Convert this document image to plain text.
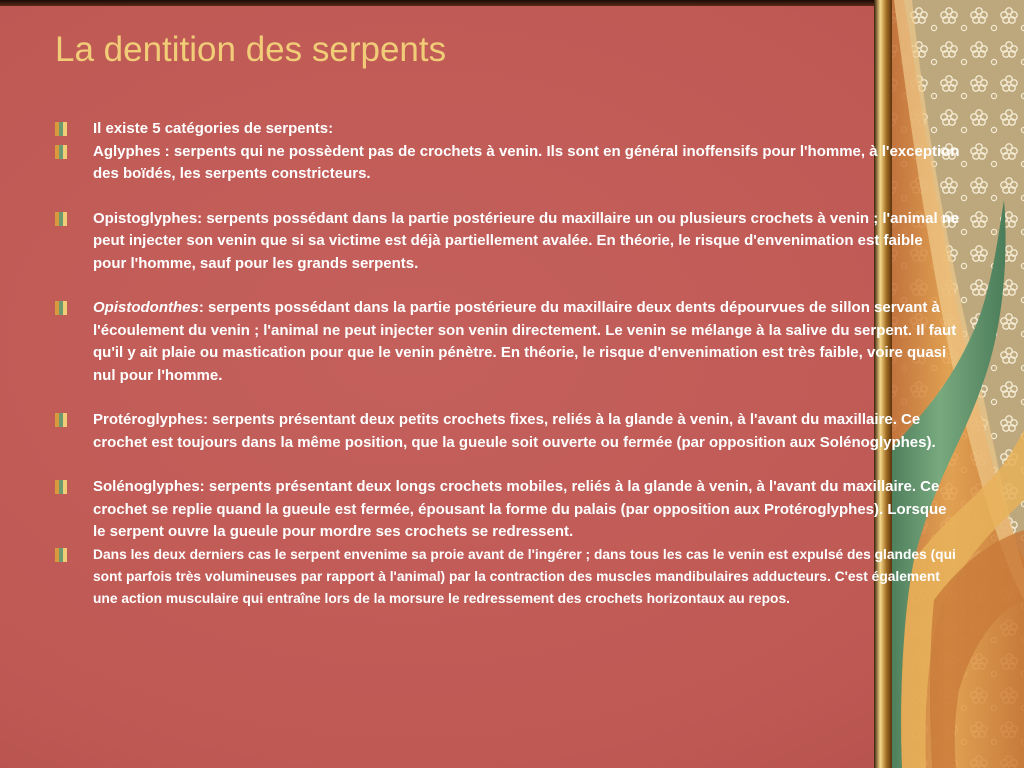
La dentition des serpents
Il existe 5 catégories de serpents:
Aglyphes : serpents qui ne possèdent pas de crochets à venin. Ils sont en général inoffensifs pour l'homme, à l'exception des boïdés, les serpents constricteurs.
Opistoglyphes: serpents possédant dans la partie postérieure du maxillaire un ou plusieurs crochets à venin ; l'animal ne peut injecter son venin que si sa victime est déjà partiellement avalée. En théorie, le risque d'envenimation est faible pour l'homme, sauf pour les grands serpents.
Opistodonthes: serpents possédant dans la partie postérieure du maxillaire deux dents dépourvues de sillon servant à l'écoulement du venin ; l'animal ne peut injecter son venin directement. Le venin se mélange à la salive du serpent. Il faut qu'il y ait plaie ou mastication pour que le venin pénètre. En théorie, le risque d'envenimation est très faible, voire quasi nul pour l'homme.
Protéroglyphes: serpents présentant deux petits crochets fixes, reliés à la glande à venin, à l'avant du maxillaire. Ce crochet est toujours dans la même position, que la gueule soit ouverte ou fermée (par opposition aux Solénoglyphes).
Solénoglyphes: serpents présentant deux longs crochets mobiles, reliés à la glande à venin, à l'avant du maxillaire. Ce crochet se replie quand la gueule est fermée, épousant la forme du palais (par opposition aux Protéroglyphes). Lorsque le serpent ouvre la gueule pour mordre ses crochets se redressent.
Dans les deux derniers cas le serpent envenime sa proie avant de l'ingérer ; dans tous les cas le venin est expulsé des glandes (qui sont parfois très volumineuses par rapport à l'animal) par la contraction des muscles mandibulaires adducteurs. C'est également une action musculaire qui entraîne lors de la morsure le redressement des crochets horizontaux au repos.
